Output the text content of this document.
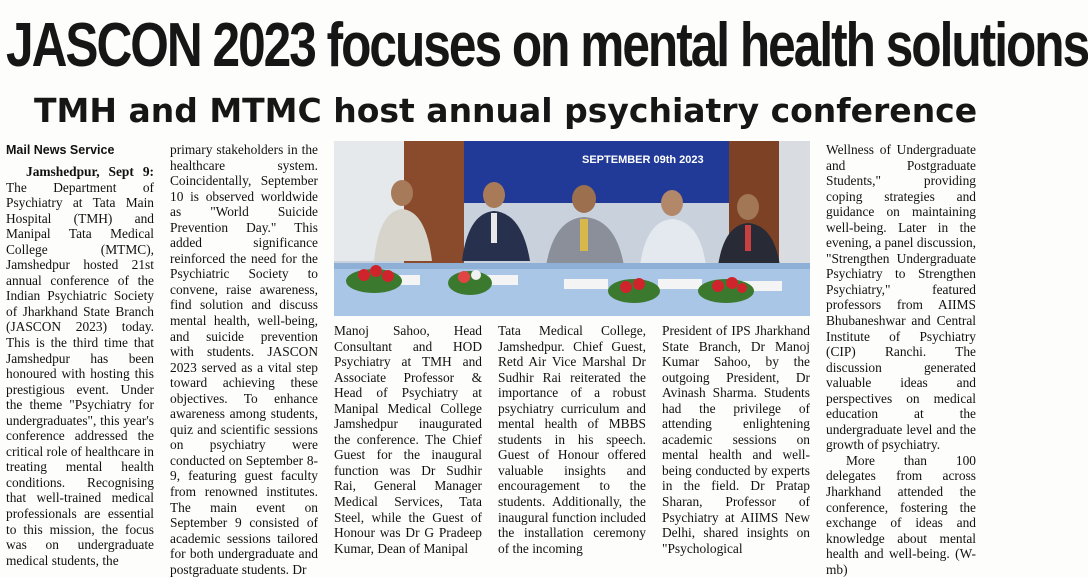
JASCON 2023 focuses on mental health solutions
TMH and MTMC host annual psychiatry conference
Mail News Service

Jamshedpur, Sept 9: The Department of Psychiatry at Tata Main Hospital (TMH) and Manipal Tata Medical College (MTMC), Jamshedpur hosted 21st annual conference of the Indian Psychiatric Society of Jharkhand State Branch (JASCON 2023) today. This is the third time that Jamshedpur has been honoured with hosting this prestigious event. Under the theme "Psychiatry for undergraduates", this year's conference addressed the critical role of healthcare in treating mental health conditions. Recognising that well-trained medical professionals are essential to this mission, the focus was on undergraduate medical students, the

primary stakeholders in the healthcare system. Coincidentally, September 10 is observed worldwide as "World Suicide Prevention Day." This added significance reinforced the need for the Psychiatric Society to convene, raise awareness, find solution and discuss mental health, well-being, and suicide prevention with students. JASCON 2023 served as a vital step toward achieving these objectives. To enhance awareness among students, quiz and scientific sessions on psychiatry were conducted on September 8-9, featuring guest faculty from renowned institutes. The main event on September 9 consisted of academic sessions tailored for both undergraduate and postgraduate students. Dr

SEPTEMBER 09th 2023

Manoj Sahoo, Head Consultant and HOD Psychiatry at TMH and Associate Professor & Head of Psychiatry at Manipal Medical College Jamshedpur inaugurated the conference. The Chief Guest for the inaugural function was Dr Sudhir Rai, General Manager Medical Services, Tata Steel, while the Guest of Honour was Dr G Pradeep Kumar, Dean of Manipal

Tata Medical College, Jamshedpur. Chief Guest, Retd Air Vice Marshal Dr Sudhir Rai reiterated the importance of a robust psychiatry curriculum and mental health of MBBS students in his speech. Guest of Honour offered valuable insights and encouragement to the students. Additionally, the inaugural function included the installation ceremony of the incoming

President of IPS Jharkhand State Branch, Dr Manoj Kumar Sahoo, by the outgoing President, Dr Avinash Sharma. Students had the privilege of attending enlightening academic sessions on mental health and well-being conducted by experts in the field. Dr Pratap Sharan, Professor of Psychiatry at AIIMS New Delhi, shared insights on "Psychological

Wellness of Undergraduate and Postgraduate Students," providing coping strategies and guidance on maintaining well-being. Later in the evening, a panel discussion, "Strengthen Undergraduate Psychiatry to Strengthen Psychiatry," featured professors from AIIMS Bhubaneshwar and Central Institute of Psychiatry (CIP) Ranchi. The discussion generated valuable ideas and perspectives on medical education at the undergraduate level and the growth of psychiatry.

More than 100 delegates from across Jharkhand attended the conference, fostering the exchange of ideas and knowledge about mental health and well-being. (W-mb)
